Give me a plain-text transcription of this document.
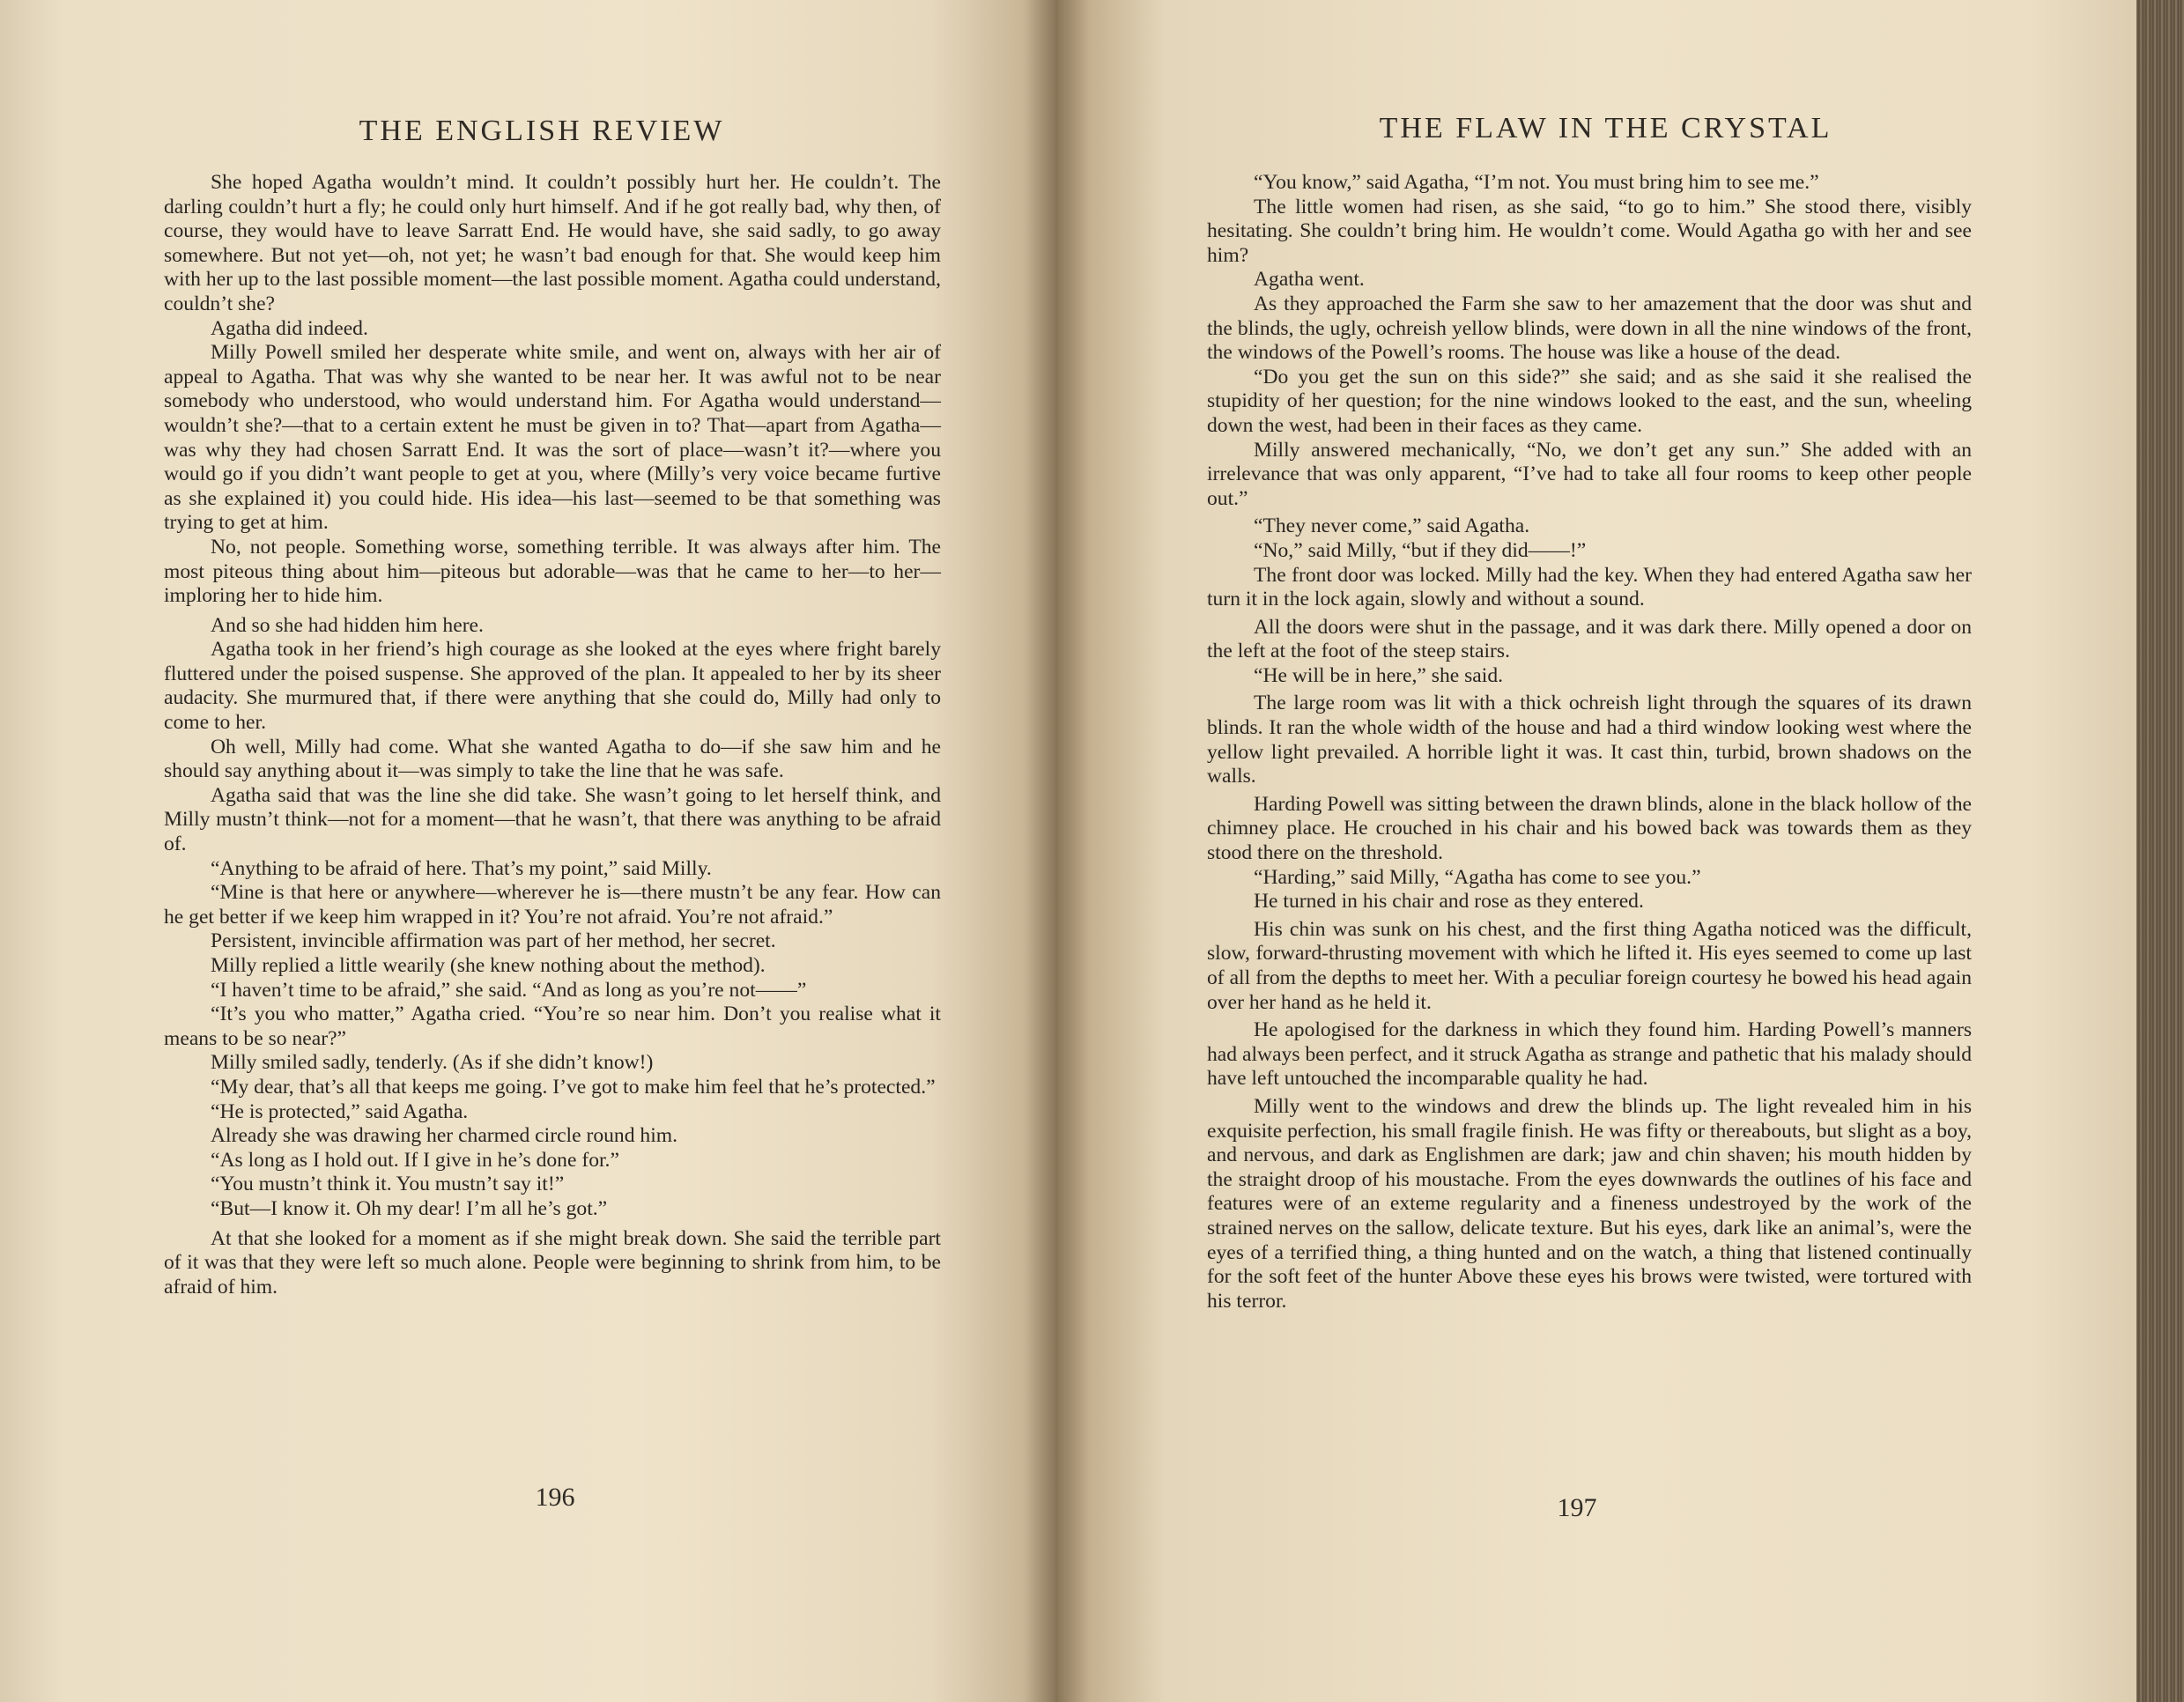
THE ENGLISH REVIEW

She hoped Agatha wouldn’t mind. It couldn’t possibly hurt her. He couldn’t. The darling couldn’t hurt a fly; he could only hurt himself. And if he got really bad, why then, of course, they would have to leave Sarratt End. He would have, she said sadly, to go away somewhere. But not yet—oh, not yet; he wasn’t bad enough for that. She would keep him with her up to the last possible moment—the last possible moment. Agatha could understand, couldn’t she?

Agatha did indeed.

Milly Powell smiled her desperate white smile, and went on, always with her air of appeal to Agatha. That was why she wanted to be near her. It was awful not to be near somebody who understood, who would understand him. For Agatha would understand—wouldn’t she?—that to a certain extent he must be given in to? That—apart from Agatha—was why they had chosen Sarratt End. It was the sort of place—wasn’t it?—where you would go if you didn’t want people to get at you, where (Milly’s very voice became furtive as she explained it) you could hide. His idea—his last—seemed to be that something was trying to get at him.

No, not people. Something worse, something terrible. It was always after him. The most piteous thing about him—piteous but adorable—was that he came to her—to her—imploring her to hide him.

And so she had hidden him here.

Agatha took in her friend’s high courage as she looked at the eyes where fright barely fluttered under the poised suspense. She approved of the plan. It appealed to her by its sheer audacity. She murmured that, if there were anything that she could do, Milly had only to come to her.

Oh well, Milly had come. What she wanted Agatha to do—if she saw him and he should say anything about it—was simply to take the line that he was safe.

Agatha said that was the line she did take. She wasn’t going to let herself think, and Milly mustn’t think—not for a moment—that he wasn’t, that there was anything to be afraid of.

“Anything to be afraid of here. That’s my point,” said Milly.

“Mine is that here or anywhere—wherever he is—there mustn’t be any fear. How can he get better if we keep him wrapped in it? You’re not afraid. You’re not afraid.”

Persistent, invincible affirmation was part of her method, her secret.

Milly replied a little wearily (she knew nothing about the method).

“I haven’t time to be afraid,” she said. “And as long as you’re not——”

“It’s you who matter,” Agatha cried. “You’re so near him. Don’t you realise what it means to be so near?”

Milly smiled sadly, tenderly. (As if she didn’t know!)

“My dear, that’s all that keeps me going. I’ve got to make him feel that he’s protected.”

“He is protected,” said Agatha.

Already she was drawing her charmed circle round him.

“As long as I hold out. If I give in he’s done for.”

“You mustn’t think it. You mustn’t say it!”

“But—I know it. Oh my dear! I’m all he’s got.”

At that she looked for a moment as if she might break down. She said the terrible part of it was that they were left so much alone. People were beginning to shrink from him, to be afraid of him.

196
THE FLAW IN THE CRYSTAL

“You know,” said Agatha, “I’m not. You must bring him to see me.”

The little women had risen, as she said, “to go to him.” She stood there, visibly hesitating. She couldn’t bring him. He wouldn’t come. Would Agatha go with her and see him?

Agatha went.

As they approached the Farm she saw to her amazement that the door was shut and the blinds, the ugly, ochreish yellow blinds, were down in all the nine windows of the front, the windows of the Powell’s rooms. The house was like a house of the dead.

“Do you get the sun on this side?” she said; and as she said it she realised the stupidity of her question; for the nine windows looked to the east, and the sun, wheeling down the west, had been in their faces as they came.

Milly answered mechanically, “No, we don’t get any sun.” She added with an irrelevance that was only apparent, “I’ve had to take all four rooms to keep other people out.”

“They never come,” said Agatha.

“No,” said Milly, “but if they did——!”

The front door was locked. Milly had the key. When they had entered Agatha saw her turn it in the lock again, slowly and without a sound.

All the doors were shut in the passage, and it was dark there. Milly opened a door on the left at the foot of the steep stairs.

“He will be in here,” she said.

The large room was lit with a thick ochreish light through the squares of its drawn blinds. It ran the whole width of the house and had a third window looking west where the yellow light prevailed. A horrible light it was. It cast thin, turbid, brown shadows on the walls.

Harding Powell was sitting between the drawn blinds, alone in the black hollow of the chimney place. He crouched in his chair and his bowed back was towards them as they stood there on the threshold.

“Harding,” said Milly, “Agatha has come to see you.”

He turned in his chair and rose as they entered.

His chin was sunk on his chest, and the first thing Agatha noticed was the difficult, slow, forward-thrusting movement with which he lifted it. His eyes seemed to come up last of all from the depths to meet her. With a peculiar foreign courtesy he bowed his head again over her hand as he held it.

He apologised for the darkness in which they found him. Harding Powell’s manners had always been perfect, and it struck Agatha as strange and pathetic that his malady should have left untouched the incomparable quality he had.

Milly went to the windows and drew the blinds up. The light revealed him in his exquisite perfection, his small fragile finish. He was fifty or thereabouts, but slight as a boy, and nervous, and dark as Englishmen are dark; jaw and chin shaven; his mouth hidden by the straight droop of his moustache. From the eyes downwards the outlines of his face and features were of an exteme regularity and a fineness undestroyed by the work of the strained nerves on the sallow, delicate texture. But his eyes, dark like an animal’s, were the eyes of a terrified thing, a thing hunted and on the watch, a thing that listened continually for the soft feet of the hunter Above these eyes his brows were twisted, were tortured with his terror.

197
